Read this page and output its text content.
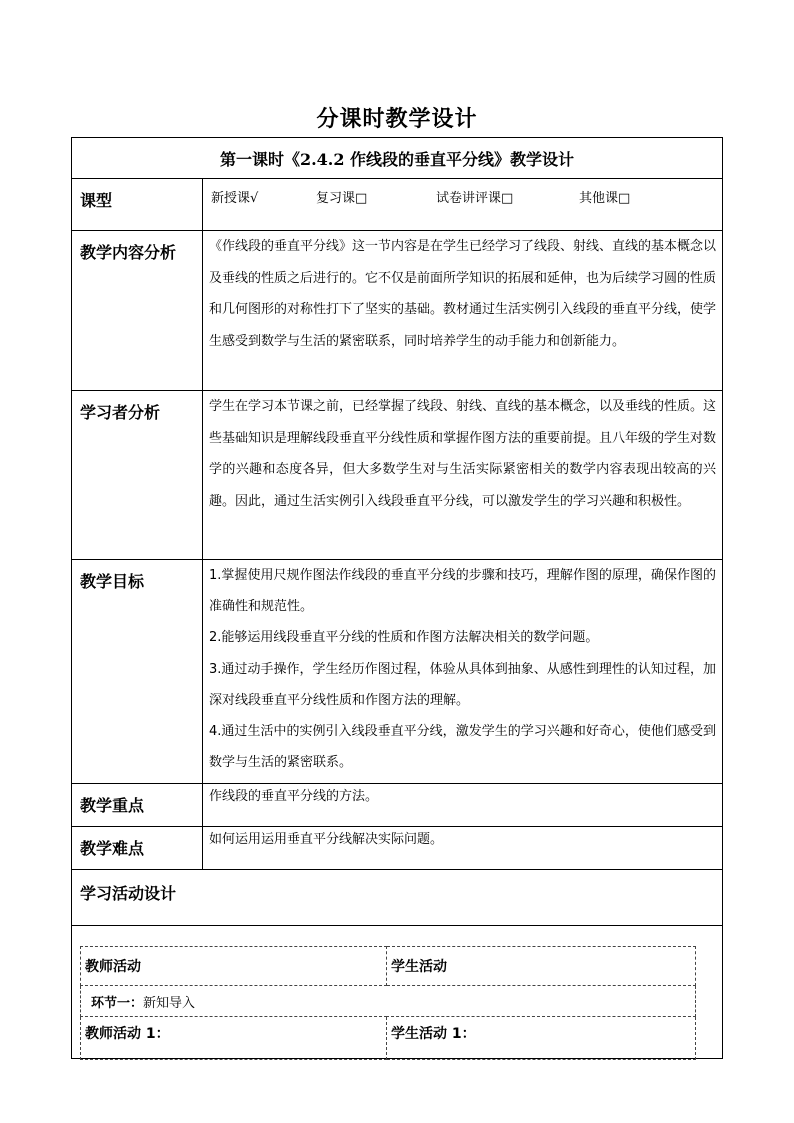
分课时教学设计
第一课时《2.4.2 作线段的垂直平分线》教学设计
课型	新授课√	复习课□	试卷讲评课□	其他课□

教学内容分析	《作线段的垂直平分线》这一节内容是在学生已经学习了线段、射线、直线的基本概念以及垂线的性质之后进行的。它不仅是前面所学知识的拓展和延伸，也为后续学习圆的性质和几何图形的对称性打下了坚实的基础。教材通过生活实例引入线段的垂直平分线，使学生感受到数学与生活的紧密联系，同时培养学生的动手能力和创新能力。
学习者分析	学生在学习本节课之前，已经掌握了线段、射线、直线的基本概念，以及垂线的性质。这些基础知识是理解线段垂直平分线性质和掌握作图方法的重要前提。且八年级的学生对数学的兴趣和态度各异，但大多数学生对与生活实际紧密相关的数学内容表现出较高的兴趣。因此，通过生活实例引入线段垂直平分线，可以激发学生的学习兴趣和积极性。
教学目标	1.掌握使用尺规作图法作线段的垂直平分线的步骤和技巧，理解作图的原理，确保作图的准确性和规范性。

2.能够运用线段垂直平分线的性质和作图方法解决相关的数学问题。

3.通过动手操作，学生经历作图过程，体验从具体到抽象、从感性到理性的认知过程，加深对线段垂直平分线性质和作图方法的理解。

4.通过生活中的实例引入线段垂直平分线，激发学生的学习兴趣和好奇心，使他们感受到数学与生活的紧密联系。

教学重点	作线段的垂直平分线的方法。
教学难点	如何运用运用垂直平分线解决实际问题。
学习活动设计

教师活动	学生活动
环节一：新知导入
教师活动 1：	学生活动 1：
